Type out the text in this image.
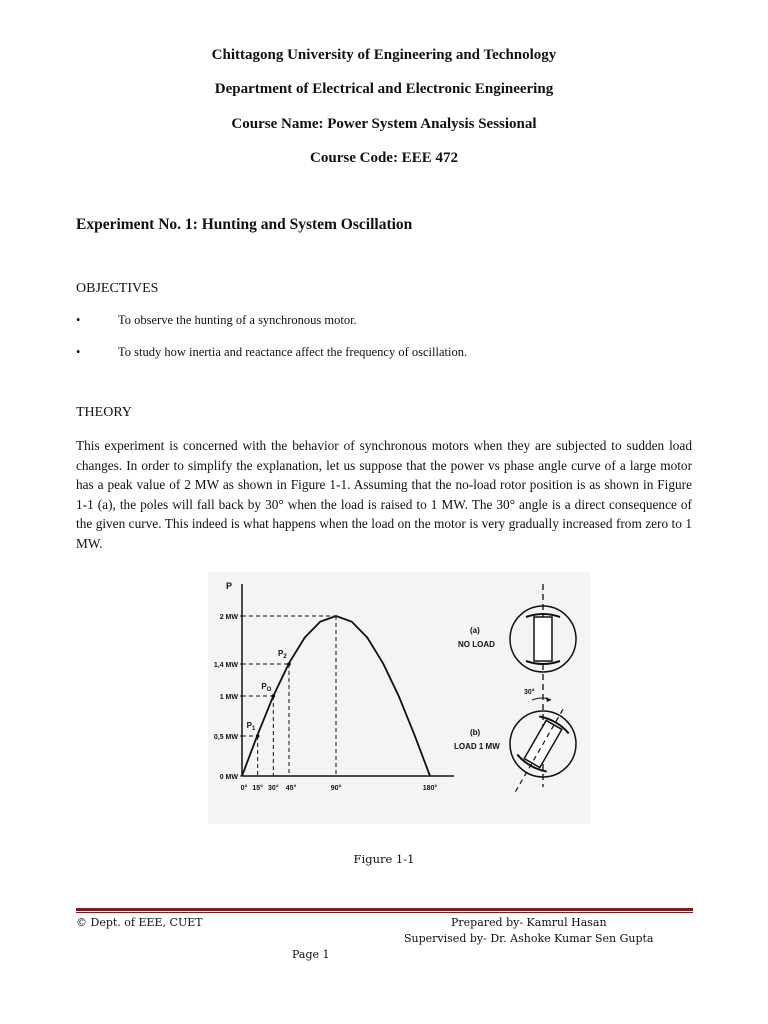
Chittagong University of Engineering and Technology
Department of Electrical and Electronic Engineering
Course Name: Power System Analysis Sessional
Course Code: EEE 472
Experiment No. 1: Hunting and System Oscillation
OBJECTIVES
•	To observe the hunting of a synchronous motor.
•	To study how inertia and reactance affect the frequency of oscillation.
THEORY
This experiment is concerned with the behavior of synchronous motors when they are subjected to sudden load changes. In order to simplify the explanation, let us suppose that the power vs phase angle curve of a large motor has a peak value of 2 MW as shown in Figure 1-1. Assuming that the no-load rotor position is as shown in Figure 1-1 (a), the poles will fall back by 30° when the load is raised to 1 MW. The 30° angle is a direct consequence of the given curve. This indeed is what happens when the load on the motor is very gradually increased from zero to 1 MW.
P
2 MW
1,4 MW
1 MW
0,5 MW
0 MW
0° 15° 30° 45°	90°	180°
$P_1$
$P_O$
$P_2$
(a)
NO LOAD
30°
(b)
LOAD 1 MW
Figure 1-1
© Dept. of EEE, CUET	Prepared by- Kamrul Hasan
Supervised by- Dr. Ashoke Kumar Sen Gupta
Page 1
